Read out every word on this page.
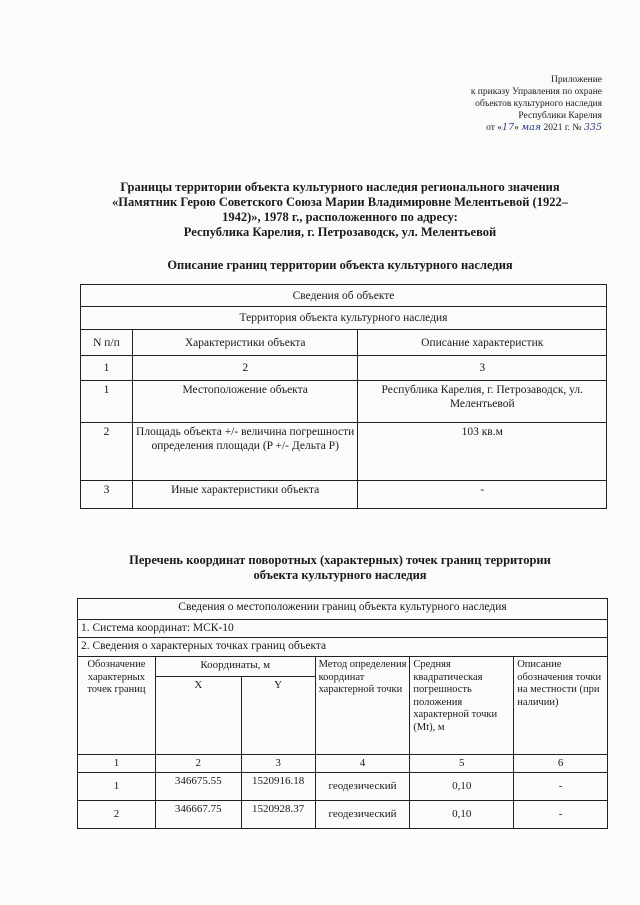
Приложение
к приказу Управления по охране
объектов культурного наследия
Республики Карелия
от «17» мая 2021 г. № 335
Границы территории объекта культурного наследия регионального значения
«Памятник Герою Советского Союза Марии Владимировне Мелентьевой (1922–
1942)», 1978 г., расположенного по адресу:
Республика Карелия, г. Петрозаводск, ул. Мелентьевой
Описание границ территории объекта культурного наследия
Сведения об объекте		
Территория объекта культурного наследия		
N п/п	Характеристики объекта	Описание характеристик
1	2	3
1	Местоположение объекта	Республика Карелия, г. Петрозаводск, ул. Мелентьевой
2	Площадь объекта +/- величина погрешности определения площади (P +/- Дельта P)	103 кв.м
3	Иные характеристики объекта	-
Перечень координат поворотных (характерных) точек границ территории
объекта культурного наследия
Сведения о местоположении границ объекта культурного наследия					
1. Система координат: МСК-10					
2. Сведения о характерных точках границ объекта					
Обозначение характерных точек границ	Координаты, м		Метод определения координат характерной точки	Средняя квадратическая погрешность положения характерной точки (Mt), м	Описание обозначения точки на местности (при наличии)
	X	Y			
1	2	3	4	5	6
1	346675.55	1520916.18	геодезический	0,10	-
2	346667.75	1520928.37	геодезический	0,10	-
